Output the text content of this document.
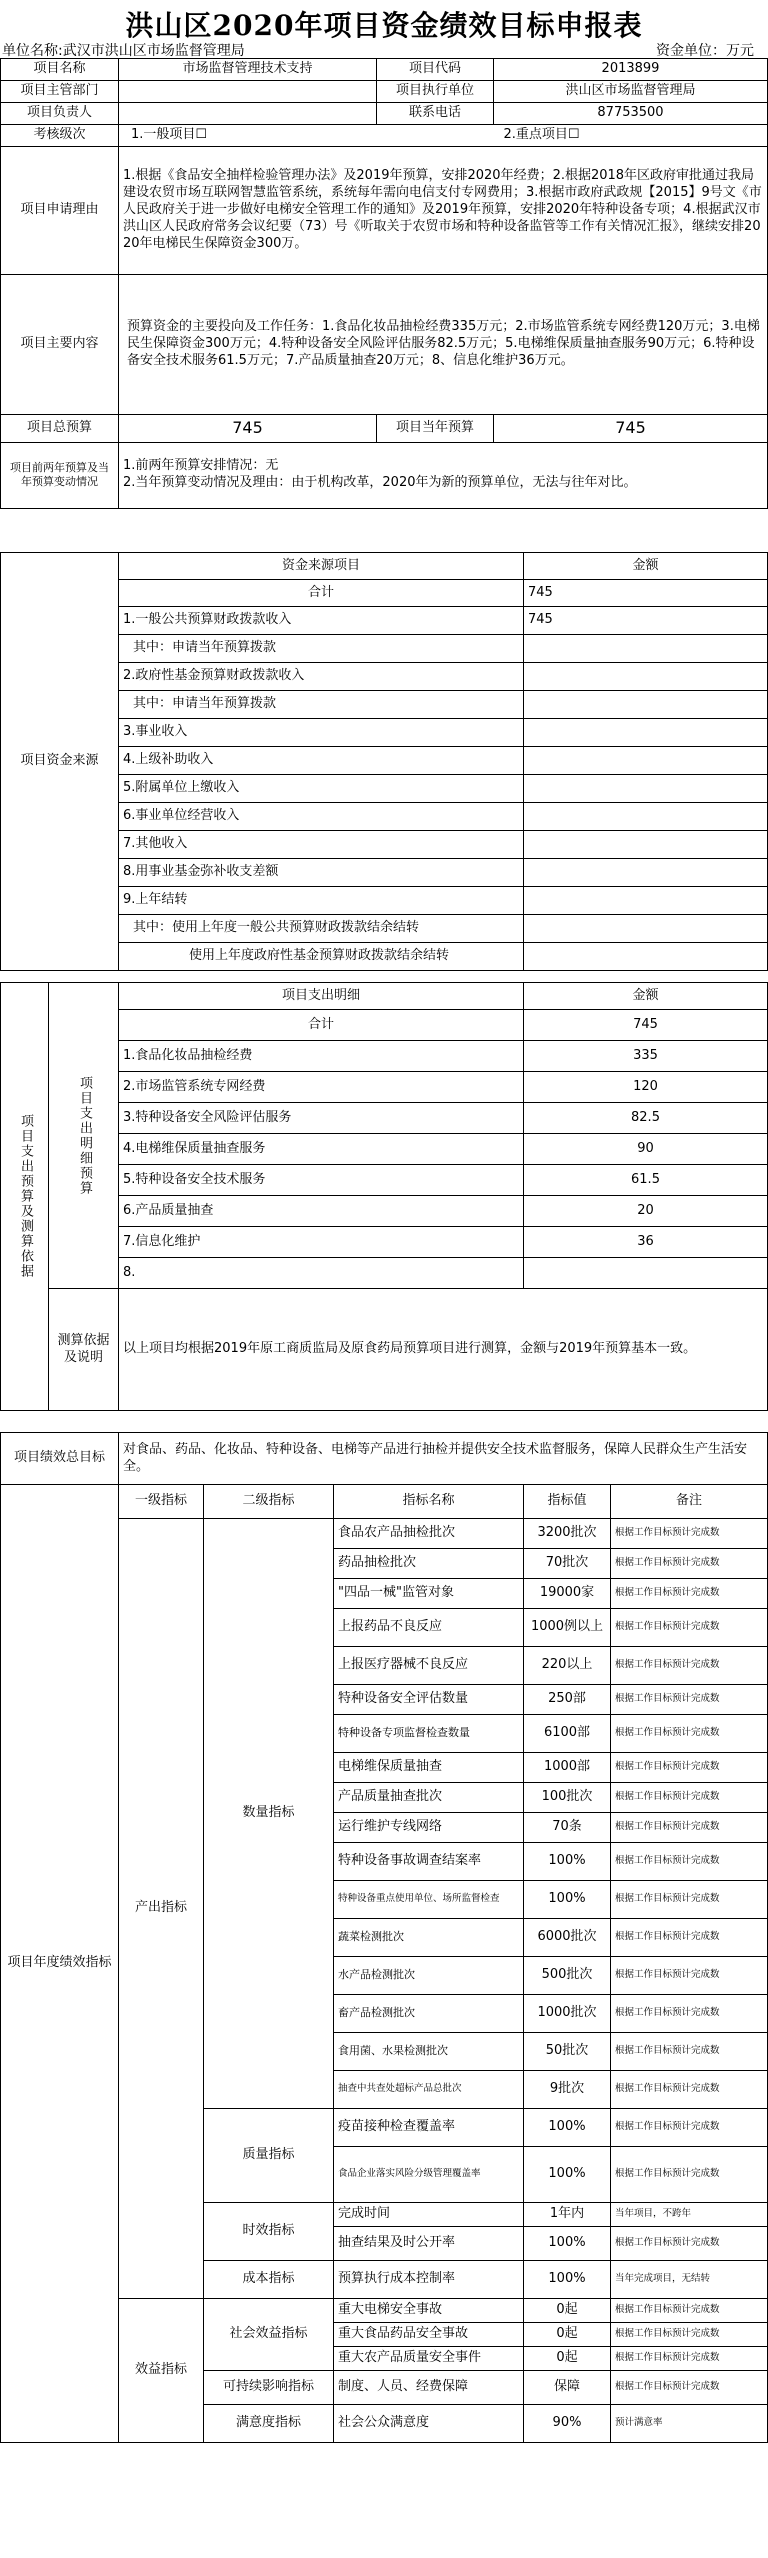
洪山区2020年项目资金绩效目标申报表
单位名称:武汉市洪山区市场监督管理局	资金单位：万元
项目名称	市场监督管理技术支持	项目代码	2013899
项目主管部门		项目执行单位	洪山区市场监督管理局
项目负责人		联系电话	87753500
考核级次	1.一般项目☐		2.重点项目☐
项目申请理由	1.根据《食品安全抽样检验管理办法》及2019年预算，安排2020年经费；2.根据2018年区政府审批通过我局建设农贸市场互联网智慧监管系统，系统每年需向电信支付专网费用；3.根据市政府武政规【2015】9号文《市人民政府关于进一步做好电梯安全管理工作的通知》及2019年预算，安排2020年特种设备专项；4.根据武汉市洪山区人民政府常务会议纪要（73）号《听取关于农贸市场和特种设备监管等工作有关情况汇报》，继续安排2020年电梯民生保障资金300万。		
项目主要内容	预算资金的主要投向及工作任务：1.食品化妆品抽检经费335万元；2.市场监管系统专网经费120万元；3.电梯民生保障资金300万元；4.特种设备安全风险评估服务82.5万元；5.电梯维保质量抽查服务90万元；6.特种设备安全技术服务61.5万元；7.产品质量抽查20万元；8、信息化维护36万元。		
项目总预算	745	项目当年预算	745
项目前两年预算及当年预算变动情况	1.前两年预算安排情况：无
2.当年预算变动情况及理由：由于机构改革，2020年为新的预算单位，无法与往年对比。		
项目资金来源	资金来源项目	金额
	合计	745
	1.一般公共预算财政拨款收入	745
	其中：申请当年预算拨款	
	2.政府性基金预算财政拨款收入	
	其中：申请当年预算拨款	
	3.事业收入	
	4.上级补助收入	
	5.附属单位上缴收入	
	6.事业单位经营收入	
	7.其他收入	
	8.用事业基金弥补收支差额	
	9.上年结转	
	其中：使用上年度一般公共预算财政拨款结余结转	
	使用上年度政府性基金预算财政拨款结余结转	
项目支出预算及测算依据	项目支出明细预算	项目支出明细	金额
		合计	745
		1.食品化妆品抽检经费	335
		2.市场监管系统专网经费	120
		3.特种设备安全风险评估服务	82.5
		4.电梯维保质量抽查服务	90
		5.特种设备安全技术服务	61.5
		6.产品质量抽查	20
		7.信息化维护	36
		8.	
	测算依据及说明	以上项目均根据2019年原工商质监局及原食药局预算项目进行测算，金额与2019年预算基本一致。	
项目绩效总目标	对食品、药品、化妆品、特种设备、电梯等产品进行抽检并提供安全技术监督服务，保障人民群众生产生活安全。
项目年度绩效指标	一级指标	二级指标	指标名称	指标值	备注
	产出指标	数量指标	食品农产品抽检批次	3200批次	根据工作目标预计完成数
			药品抽检批次	70批次	根据工作目标预计完成数
			"四品一械"监管对象	19000家	根据工作目标预计完成数
			上报药品不良反应	1000例以上	根据工作目标预计完成数
			上报医疗器械不良反应	220以上	根据工作目标预计完成数
			特种设备安全评估数量	250部	根据工作目标预计完成数
			特种设备专项监督检查数量	6100部	根据工作目标预计完成数
			电梯维保质量抽查	1000部	根据工作目标预计完成数
			产品质量抽查批次	100批次	根据工作目标预计完成数
			运行维护专线网络	70条	根据工作目标预计完成数
			特种设备事故调查结案率	100%	根据工作目标预计完成数
			特种设备重点使用单位、场所监督检查	100%	根据工作目标预计完成数
			蔬菜检测批次	6000批次	根据工作目标预计完成数
			水产品检测批次	500批次	根据工作目标预计完成数
			畜产品检测批次	1000批次	根据工作目标预计完成数
			食用菌、水果检测批次	50批次	根据工作目标预计完成数
			抽查中共查处超标产品总批次	9批次	根据工作目标预计完成数
		质量指标	疫苗接种检查覆盖率	100%	根据工作目标预计完成数
			食品企业落实风险分级管理覆盖率	100%	根据工作目标预计完成数
		时效指标	完成时间	1年内	当年项目，不跨年
			抽查结果及时公开率	100%	根据工作目标预计完成数
		成本指标	预算执行成本控制率	100%	当年完成项目，无结转
	效益指标	社会效益指标	重大电梯安全事故	0起	根据工作目标预计完成数
			重大食品药品安全事故	0起	根据工作目标预计完成数
			重大农产品质量安全事件	0起	根据工作目标预计完成数
		可持续影响指标	制度、人员、经费保障	保障	根据工作目标预计完成数
		满意度指标	社会公众满意度	90%	预计满意率
